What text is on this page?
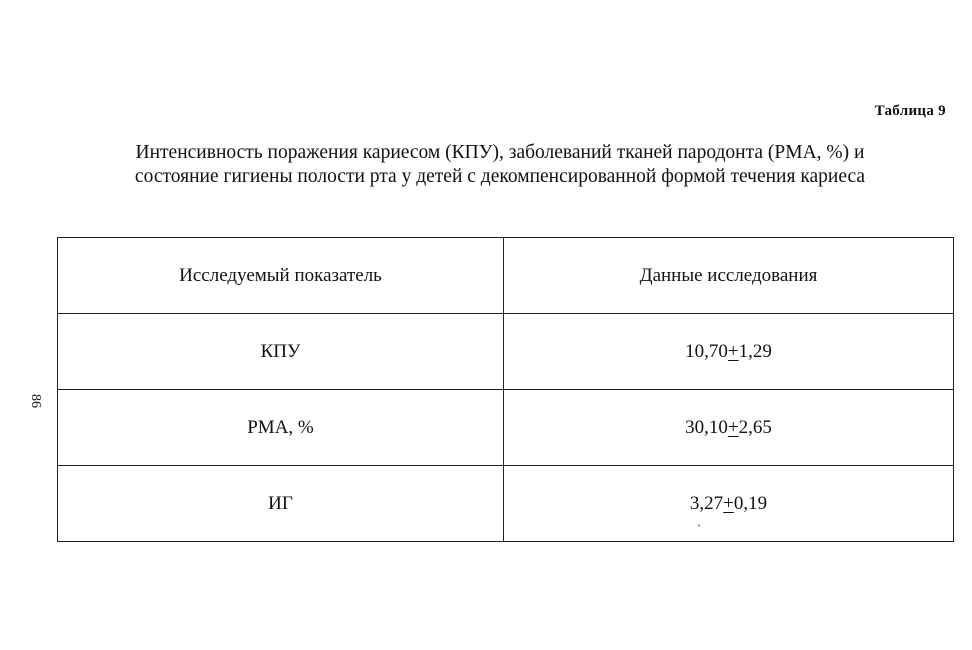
Таблица 9
Интенсивность поражения кариесом (КПУ), заболеваний тканей пародонта (РМА, %) и
состояние гигиены полости рта у детей с декомпенсированной формой течения кариеса
86
Исследуемый показатель	Данные исследования
КПУ	10,70+1,29
РМА, %	30,10+2,65
ИГ	3,27+0,19
`
